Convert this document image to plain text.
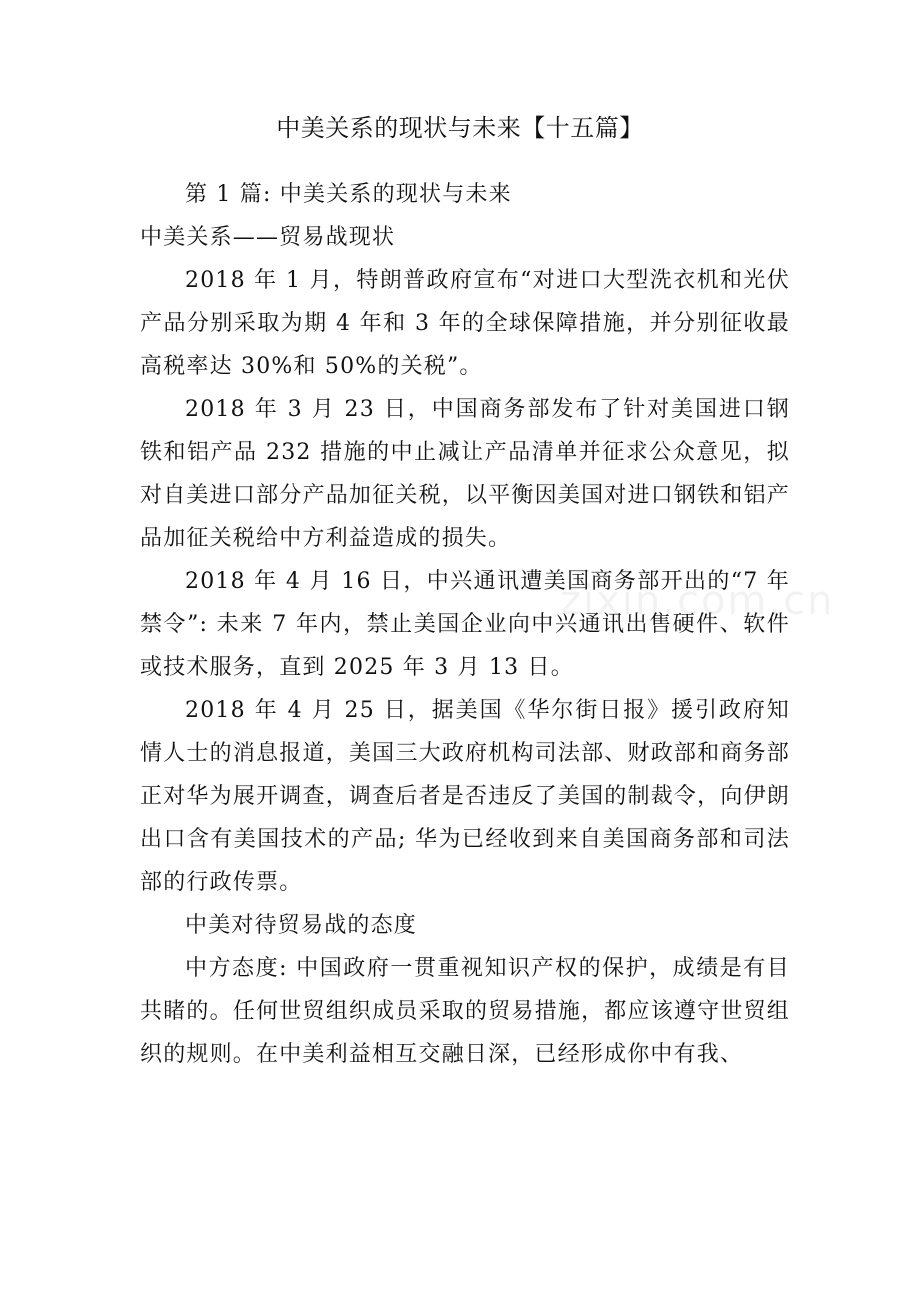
中美关系的现状与未来【十五篇】

第 1 篇: 中美关系的现状与未来

中美关系——贸易战现状

2018 年 1 月，特朗普政府宣布“对进口大型洗衣机和光伏产品分别采取为期 4 年和 3 年的全球保障措施，并分别征收最高税率达 30%和 50%的关税”。

2018 年 3 月 23 日，中国商务部发布了针对美国进口钢铁和铝产品 232 措施的中止减让产品清单并征求公众意见，拟对自美进口部分产品加征关税，以平衡因美国对进口钢铁和铝产品加征关税给中方利益造成的损失。

2018 年 4 月 16 日，中兴通讯遭美国商务部开出的“7 年禁令”: 未来 7 年内，禁止美国企业向中兴通讯出售硬件、软件或技术服务，直到 2025 年 3 月 13 日。

2018 年 4 月 25 日，据美国《华尔街日报》援引政府知情人士的消息报道，美国三大政府机构司法部、财政部和商务部正对华为展开调查，调查后者是否违反了美国的制裁令，向伊朗出口含有美国技术的产品; 华为已经收到来自美国商务部和司法部的行政传票。

中美对待贸易战的态度

中方态度: 中国政府一贯重视知识产权的保护，成绩是有目共睹的。任何世贸组织成员采取的贸易措施，都应该遵守世贸组织的规则。在中美利益相互交融日深，已经形成你中有我、

zixin.com.cn
